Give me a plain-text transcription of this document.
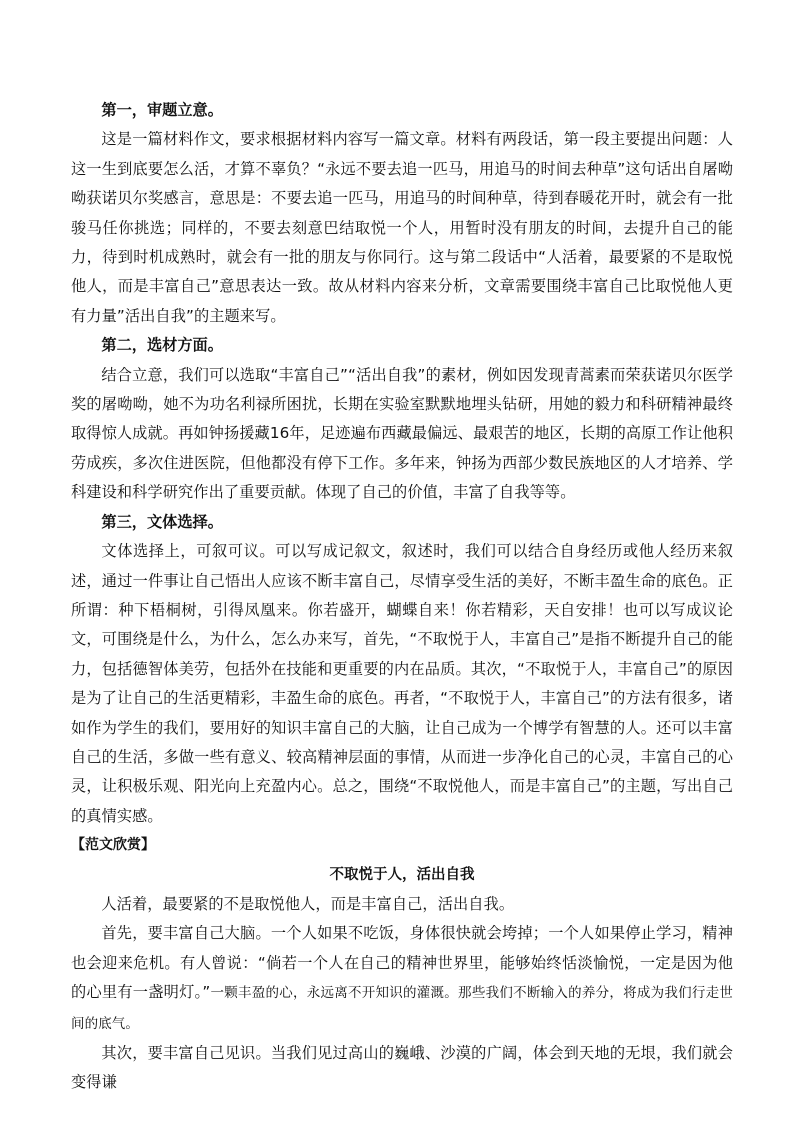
第一，审题立意。

这是一篇材料作文，要求根据材料内容写一篇文章。材料有两段话，第一段主要提出问题：人这一生到底要怎么活，才算不辜负？“永远不要去追一匹马，用追马的时间去种草”这句话出自屠呦呦获诺贝尔奖感言，意思是：不要去追一匹马，用追马的时间种草，待到春暖花开时，就会有一批骏马任你挑选；同样的，不要去刻意巴结取悦一个人，用暂时没有朋友的时间，去提升自己的能力，待到时机成熟时，就会有一批的朋友与你同行。这与第二段话中“人活着，最要紧的不是取悦他人，而是丰富自己”意思表达一致。故从材料内容来分析，文章需要围绕丰富自己比取悦他人更有力量”活出自我”的主题来写。

第二，选材方面。

结合立意，我们可以选取“丰富自己”“活出自我”的素材，例如因发现青蒿素而荣获诺贝尔医学奖的屠呦呦，她不为功名利禄所困扰，长期在实验室默默地埋头钻研，用她的毅力和科研精神最终取得惊人成就。再如钟扬援藏16年，足迹遍布西藏最偏远、最艰苦的地区，长期的高原工作让他积劳成疾，多次住进医院，但他都没有停下工作。多年来，钟扬为西部少数民族地区的人才培养、学科建设和科学研究作出了重要贡献。体现了自己的价值，丰富了自我等等。

第三，文体选择。

文体选择上，可叙可议。可以写成记叙文，叙述时，我们可以结合自身经历或他人经历来叙述，通过一件事让自己悟出人应该不断丰富自己，尽情享受生活的美好，不断丰盈生命的底色。正所谓：种下梧桐树，引得凤凰来。你若盛开，蝴蝶自来！你若精彩，天自安排！也可以写成议论文，可围绕是什么，为什么，怎么办来写，首先，“不取悦于人，丰富自己”是指不断提升自己的能力，包括德智体美劳，包括外在技能和更重要的内在品质。其次，“不取悦于人，丰富自己”的原因是为了让自己的生活更精彩，丰盈生命的底色。再者，“不取悦于人，丰富自己”的方法有很多，诸如作为学生的我们，要用好的知识丰富自己的大脑，让自己成为一个博学有智慧的人。还可以丰富自己的生活，多做一些有意义、较高精神层面的事情，从而进一步净化自己的心灵，丰富自己的心灵，让积极乐观、阳光向上充盈内心。总之，围绕“不取悦他人，而是丰富自己”的主题，写出自己的真情实感。

【范文欣赏】

不取悦于人，活出自我

人活着，最要紧的不是取悦他人，而是丰富自己，活出自我。

首先，要丰富自己大脑。一个人如果不吃饭，身体很快就会垮掉；一个人如果停止学习，精神也会迎来危机。有人曾说：“倘若一个人在自己的精神世界里，能够始终恬淡愉悦，一定是因为他的心里有一盏明灯。”一颗丰盈的心，永远离不开知识的灌溉。那些我们不断输入的养分，将成为我们行走世间的底气。

其次，要丰富自己见识。当我们见过高山的巍峨、沙漠的广阔，体会到天地的无垠，我们就会变得谦
